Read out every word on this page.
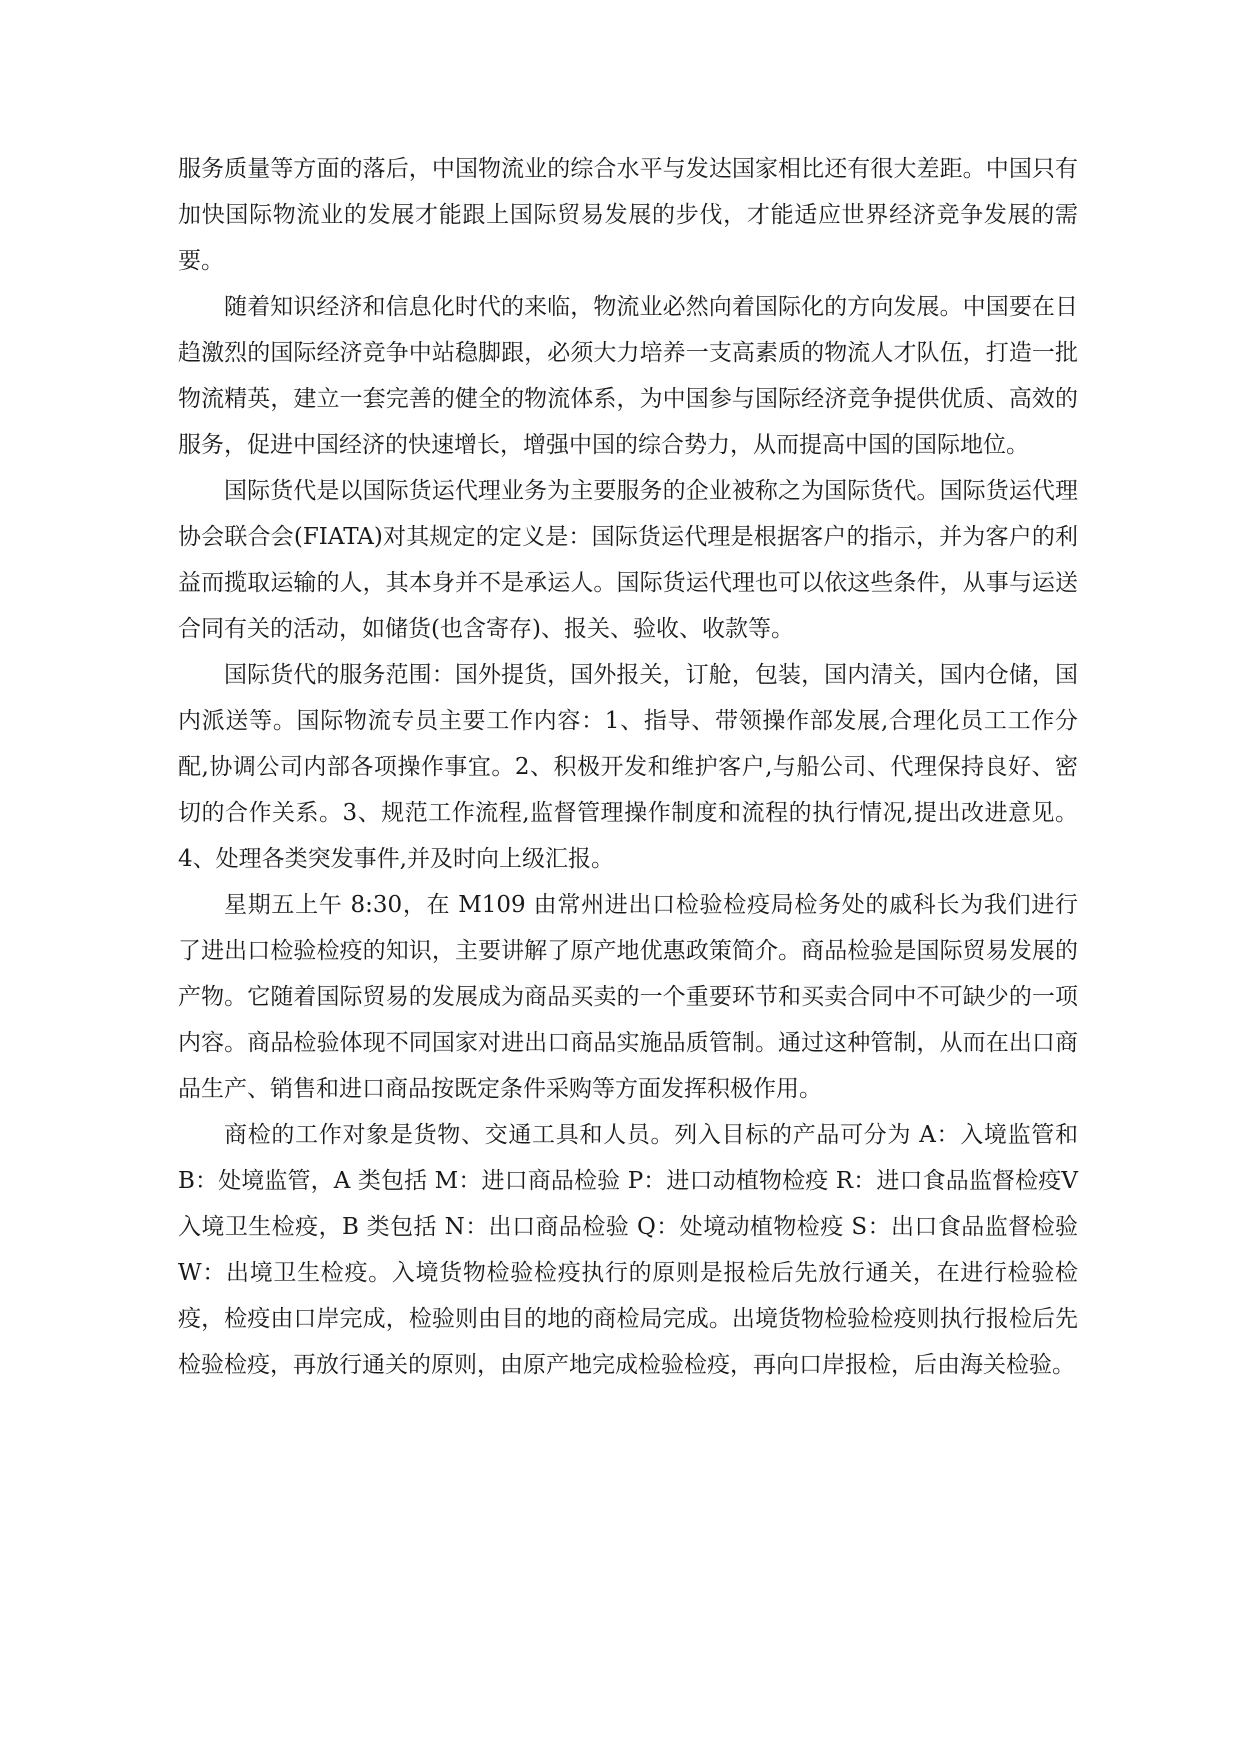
服务质量等方面的落后，中国物流业的综合水平与发达国家相比还有很大差距。中国只有加快国际物流业的发展才能跟上国际贸易发展的步伐，才能适应世界经济竞争发展的需要。

随着知识经济和信息化时代的来临，物流业必然向着国际化的方向发展。中国要在日趋激烈的国际经济竞争中站稳脚跟，必须大力培养一支高素质的物流人才队伍，打造一批物流精英，建立一套完善的健全的物流体系，为中国参与国际经济竞争提供优质、高效的服务，促进中国经济的快速增长，增强中国的综合势力，从而提高中国的国际地位。

国际货代是以国际货运代理业务为主要服务的企业被称之为国际货代。国际货运代理协会联合会(FIATA)对其规定的定义是：国际货运代理是根据客户的指示，并为客户的利益而揽取运输的人，其本身并不是承运人。国际货运代理也可以依这些条件，从事与运送合同有关的活动，如储货(也含寄存)、报关、验收、收款等。

国际货代的服务范围：国外提货，国外报关，订舱，包装，国内清关，国内仓储，国内派送等。国际物流专员主要工作内容：1、指导、带领操作部发展,合理化员工工作分配,协调公司内部各项操作事宜。2、积极开发和维护客户,与船公司、代理保持良好、密切的合作关系。3、规范工作流程,监督管理操作制度和流程的执行情况,提出改进意见。4、处理各类突发事件,并及时向上级汇报。

星期五上午 8:30，在 M109 由常州进出口检验检疫局检务处的戚科长为我们进行了进出口检验检疫的知识，主要讲解了原产地优惠政策简介。商品检验是国际贸易发展的产物。它随着国际贸易的发展成为商品买卖的一个重要环节和买卖合同中不可缺少的一项内容。商品检验体现不同国家对进出口商品实施品质管制。通过这种管制，从而在出口商品生产、销售和进口商品按既定条件采购等方面发挥积极作用。

商检的工作对象是货物、交通工具和人员。列入目标的产品可分为 A：入境监管和 B：处境监管，A 类包括 M：进口商品检验 P：进口动植物检疫 R：进口食品监督检疫Ⅴ入境卫生检疫，B 类包括 N：出口商品检验 Q：处境动植物检疫 S：出口食品监督检验 W：出境卫生检疫。入境货物检验检疫执行的原则是报检后先放行通关，在进行检验检疫，检疫由口岸完成，检验则由目的地的商检局完成。出境货物检验检疫则执行报检后先检验检疫，再放行通关的原则，由原产地完成检验检疫，再向口岸报检，后由海关检验。
